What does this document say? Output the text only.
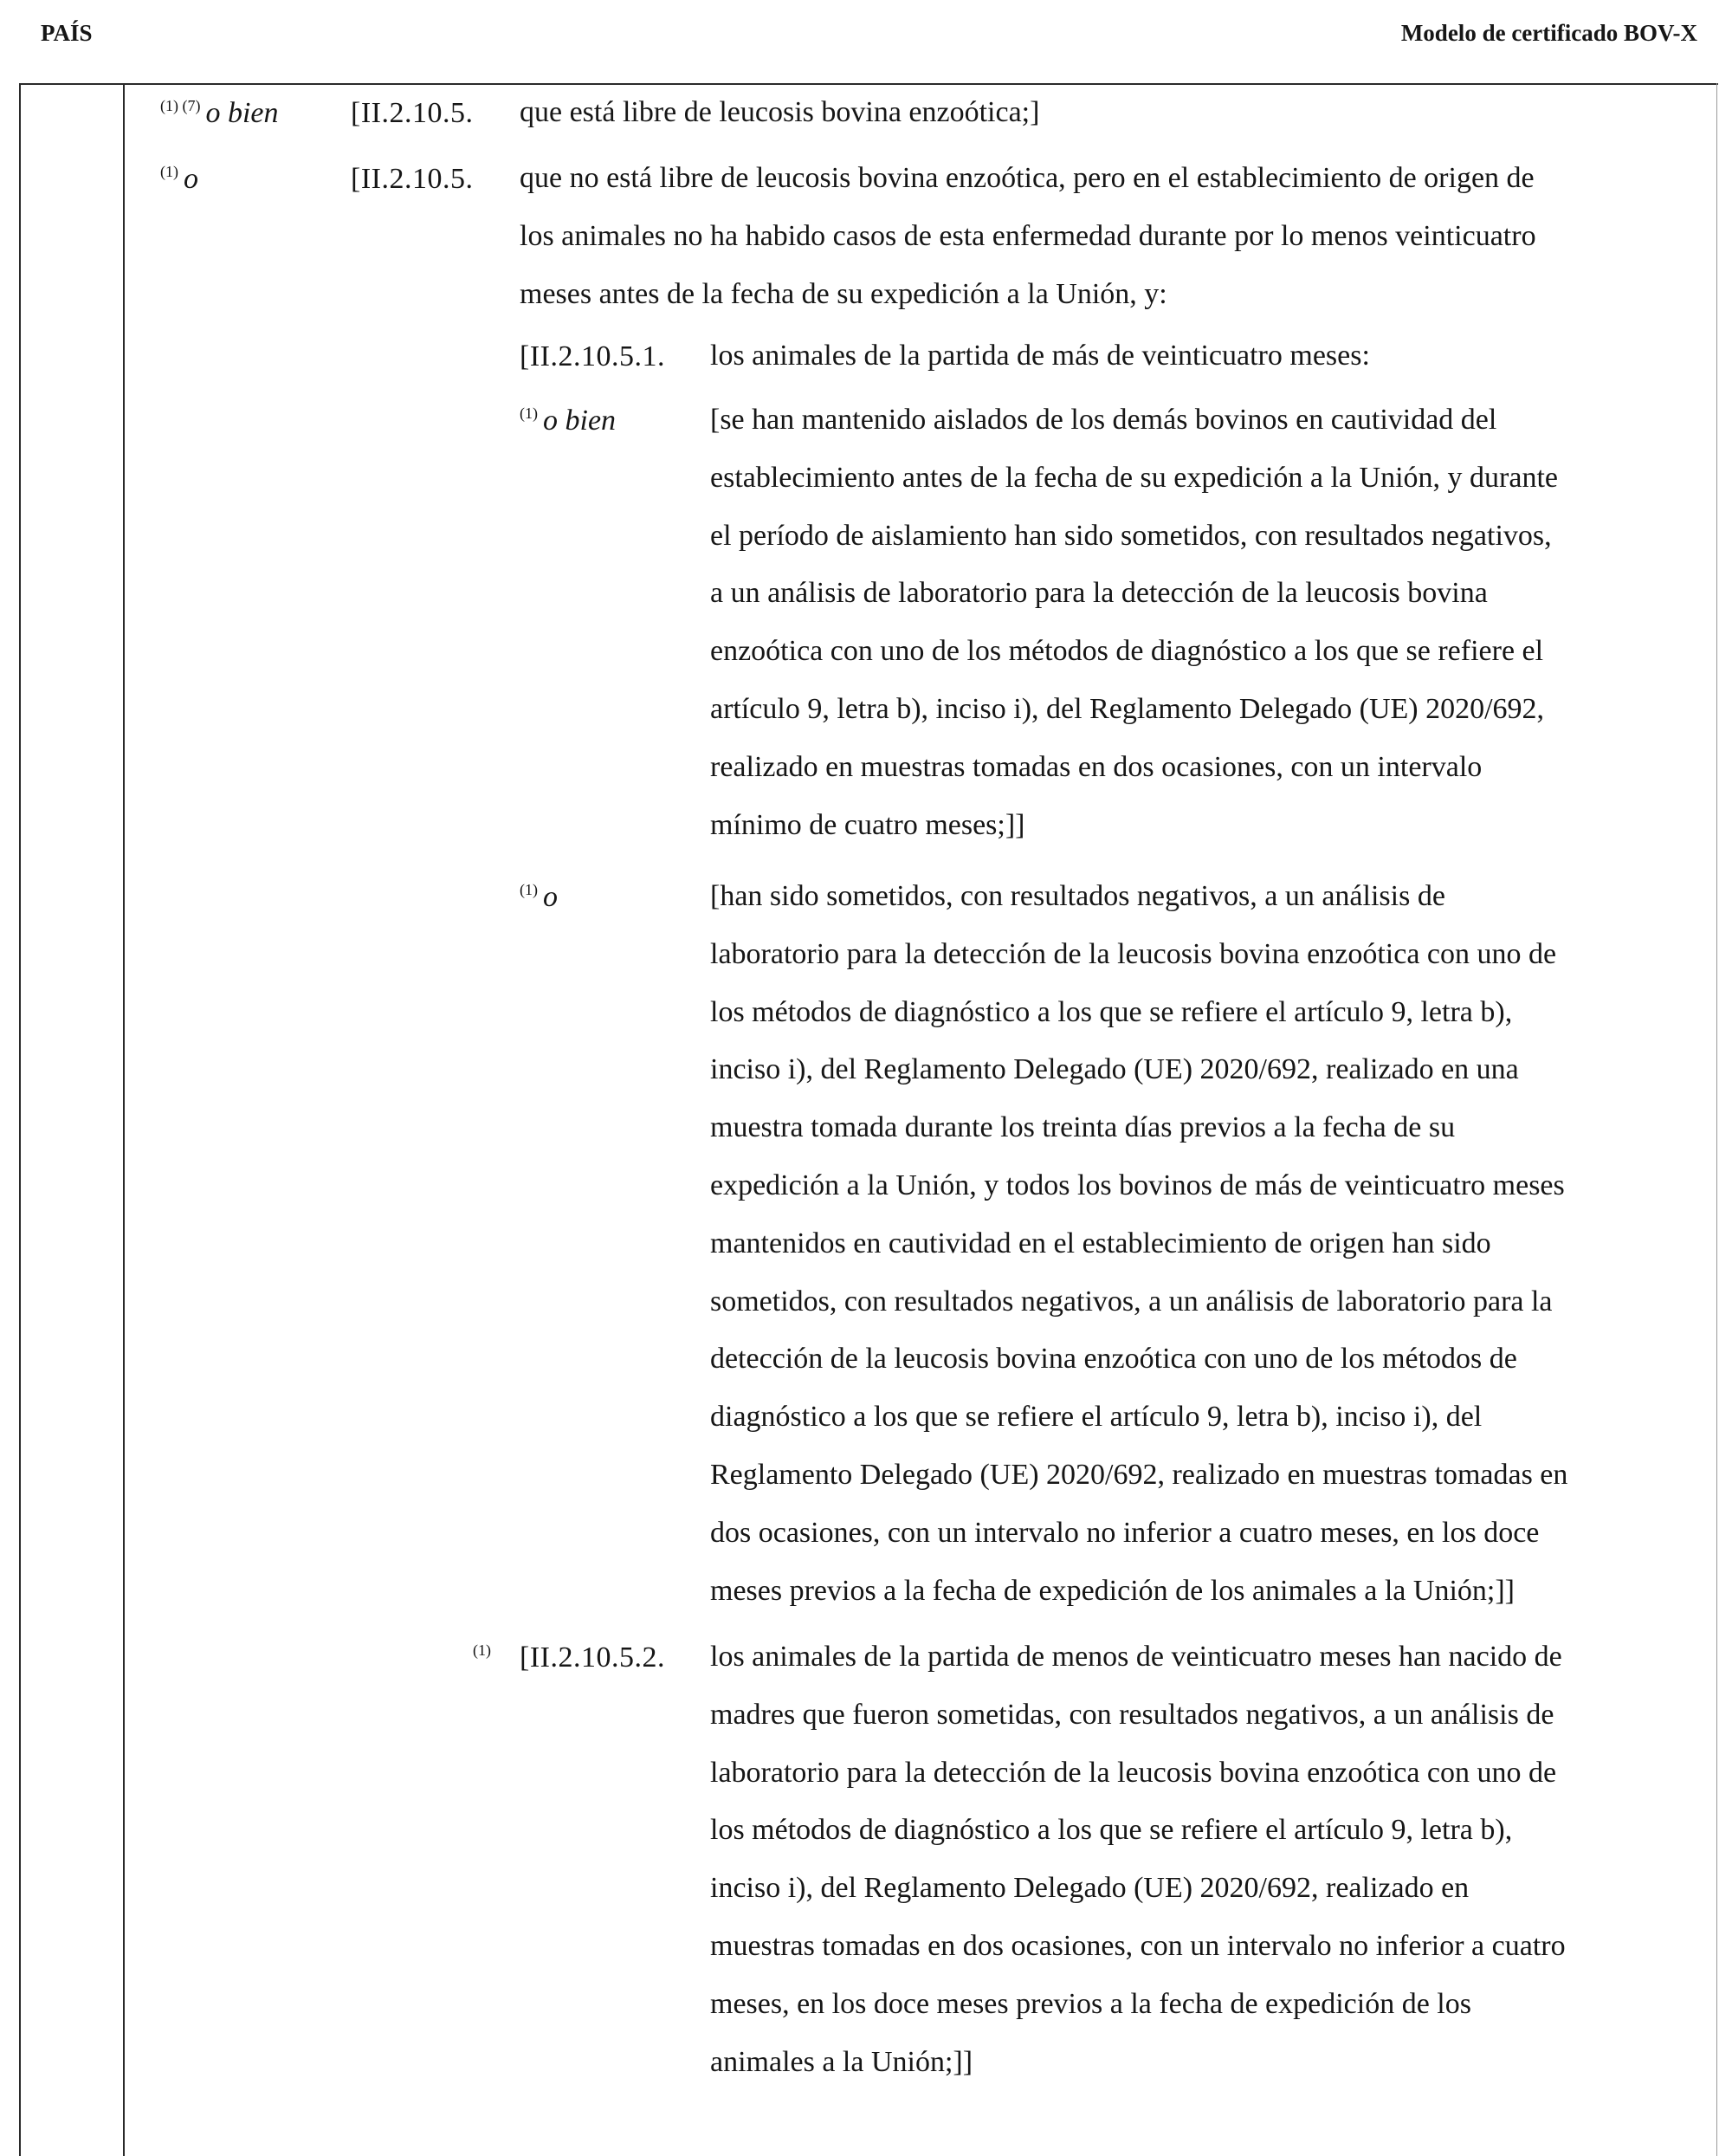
PAÍS	Modelo de certificado BOV-X
$^{(1) (7)}$ o bien [II.2.10.5. que está libre de leucosis bovina enzoótica;]
$^{(1)}$ o	[II.2.10.5. que no está libre de leucosis bovina enzoótica, pero en el establecimiento de origen de
los animales no ha habido casos de esta enfermedad durante por lo menos veinticuatro
meses antes de la fecha de su expedición a la Unión, y:
[II.2.10.5.1. los animales de la partida de más de veinticuatro meses:
$^{(1)}$ o bien	[se han mantenido aislados de los demás bovinos en cautividad del
establecimiento antes de la fecha de su expedición a la Unión, y durante
el período de aislamiento han sido sometidos, con resultados negativos,
a un análisis de laboratorio para la detección de la leucosis bovina
enzoótica con uno de los métodos de diagnóstico a los que se refiere el
artículo 9, letra b), inciso i), del Reglamento Delegado (UE) 2020/692,
realizado en muestras tomadas en dos ocasiones, con un intervalo
mínimo de cuatro meses;]]
$^{(1)}$ o	[han sido sometidos, con resultados negativos, a un análisis de
laboratorio para la detección de la leucosis bovina enzoótica con uno de
los métodos de diagnóstico a los que se refiere el artículo 9, letra b),
inciso i), del Reglamento Delegado (UE) 2020/692, realizado en una
muestra tomada durante los treinta días previos a la fecha de su
expedición a la Unión, y todos los bovinos de más de veinticuatro meses
mantenidos en cautividad en el establecimiento de origen han sido
sometidos, con resultados negativos, a un análisis de laboratorio para la
detección de la leucosis bovina enzoótica con uno de los métodos de
diagnóstico a los que se refiere el artículo 9, letra b), inciso i), del
Reglamento Delegado (UE) 2020/692, realizado en muestras tomadas en
dos ocasiones, con un intervalo no inferior a cuatro meses, en los doce
meses previos a la fecha de expedición de los animales a la Unión;]]
$^{(1)}$ [II.2.10.5.2. los animales de la partida de menos de veinticuatro meses han nacido de
madres que fueron sometidas, con resultados negativos, a un análisis de
laboratorio para la detección de la leucosis bovina enzoótica con uno de
los métodos de diagnóstico a los que se refiere el artículo 9, letra b),
inciso i), del Reglamento Delegado (UE) 2020/692, realizado en
muestras tomadas en dos ocasiones, con un intervalo no inferior a cuatro
meses, en los doce meses previos a la fecha de expedición de los
animales a la Unión;]]
